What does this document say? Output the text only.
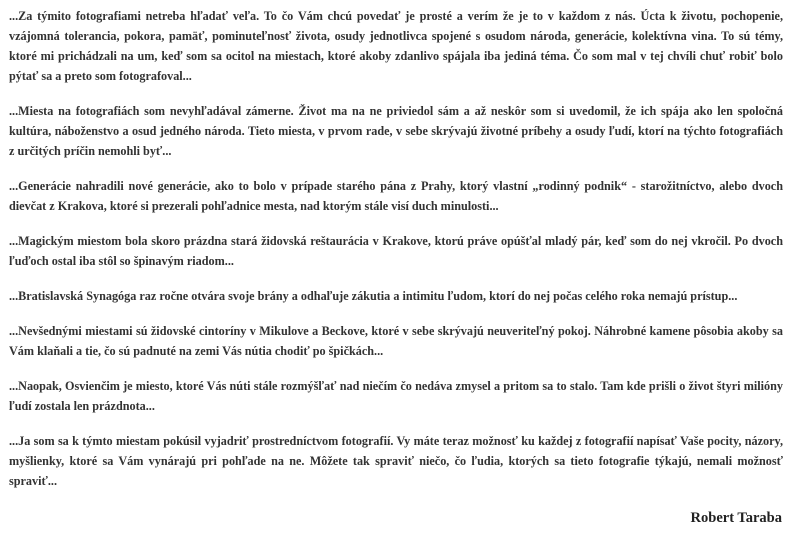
...Za týmito fotografiami netreba hľadať veľa. To čo Vám chcú povedať je prosté a verím že je to v každom z nás. Úcta k životu, pochopenie, vzájomná tolerancia, pokora, pamäť, pominuteľnosť života, osudy jednotlivca spojené s osudom národa, generácie, kolektívna vina. To sú témy, ktoré mi prichádzali na um, keď som sa ocitol na miestach, ktoré akoby zdanlivo spájala iba jediná téma. Čo som mal v tej chvíli chuť robiť bolo pýtať sa a preto som fotografoval...

...Miesta na fotografiách som nevyhľadával zámerne. Život ma na ne priviedol sám a až neskôr som si uvedomil, že ich spája ako len spoločná kultúra, náboženstvo a osud jedného národa. Tieto miesta, v prvom rade, v sebe skrývajú životné príbehy a osudy ľudí, ktorí na týchto fotografiách z určitých príčin nemohli byť...

...Generácie nahradili nové generácie, ako to bolo v prípade starého pána z Prahy, ktorý vlastní „rodinný podnik“ - starožitníctvo, alebo dvoch dievčat z Krakova, ktoré si prezerali pohľadnice mesta, nad ktorým stále visí duch minulosti...

...Magickým miestom bola skoro prázdna stará židovská reštaurácia v Krakove, ktorú práve opúšťal mladý pár, keď som do nej vkročil. Po dvoch ľuďoch ostal iba stôl so špinavým riadom...

...Bratislavská Synagóga raz ročne otvára svoje brány a odhaľuje zákutia a intimitu ľudom, ktorí do nej počas celého roka nemajú prístup...

...Nevšednými miestami sú židovské cintoríny v Mikulove a Beckove, ktoré v sebe skrývajú neuveriteľný pokoj. Náhrobné kamene pôsobia akoby sa Vám klaňali a tie, čo sú padnuté na zemi Vás nútia chodiť po špičkách...

...Naopak, Osvienčim je miesto, ktoré Vás núti stále rozmýšľať nad niečím čo nedáva zmysel a pritom sa to stalo. Tam kde prišli o život štyri milióny ľudí zostala len prázdnota...

...Ja som sa k týmto miestam pokúsil vyjadriť prostredníctvom fotografií. Vy máte teraz možnosť ku každej z fotografií napísať Vaše pocity, názory, myšlienky, ktoré sa Vám vynárajú pri pohľade na ne. Môžete tak spraviť niečo, čo ľudia, ktorých sa tieto fotografie týkajú, nemali možnosť spraviť...

Robert Taraba
